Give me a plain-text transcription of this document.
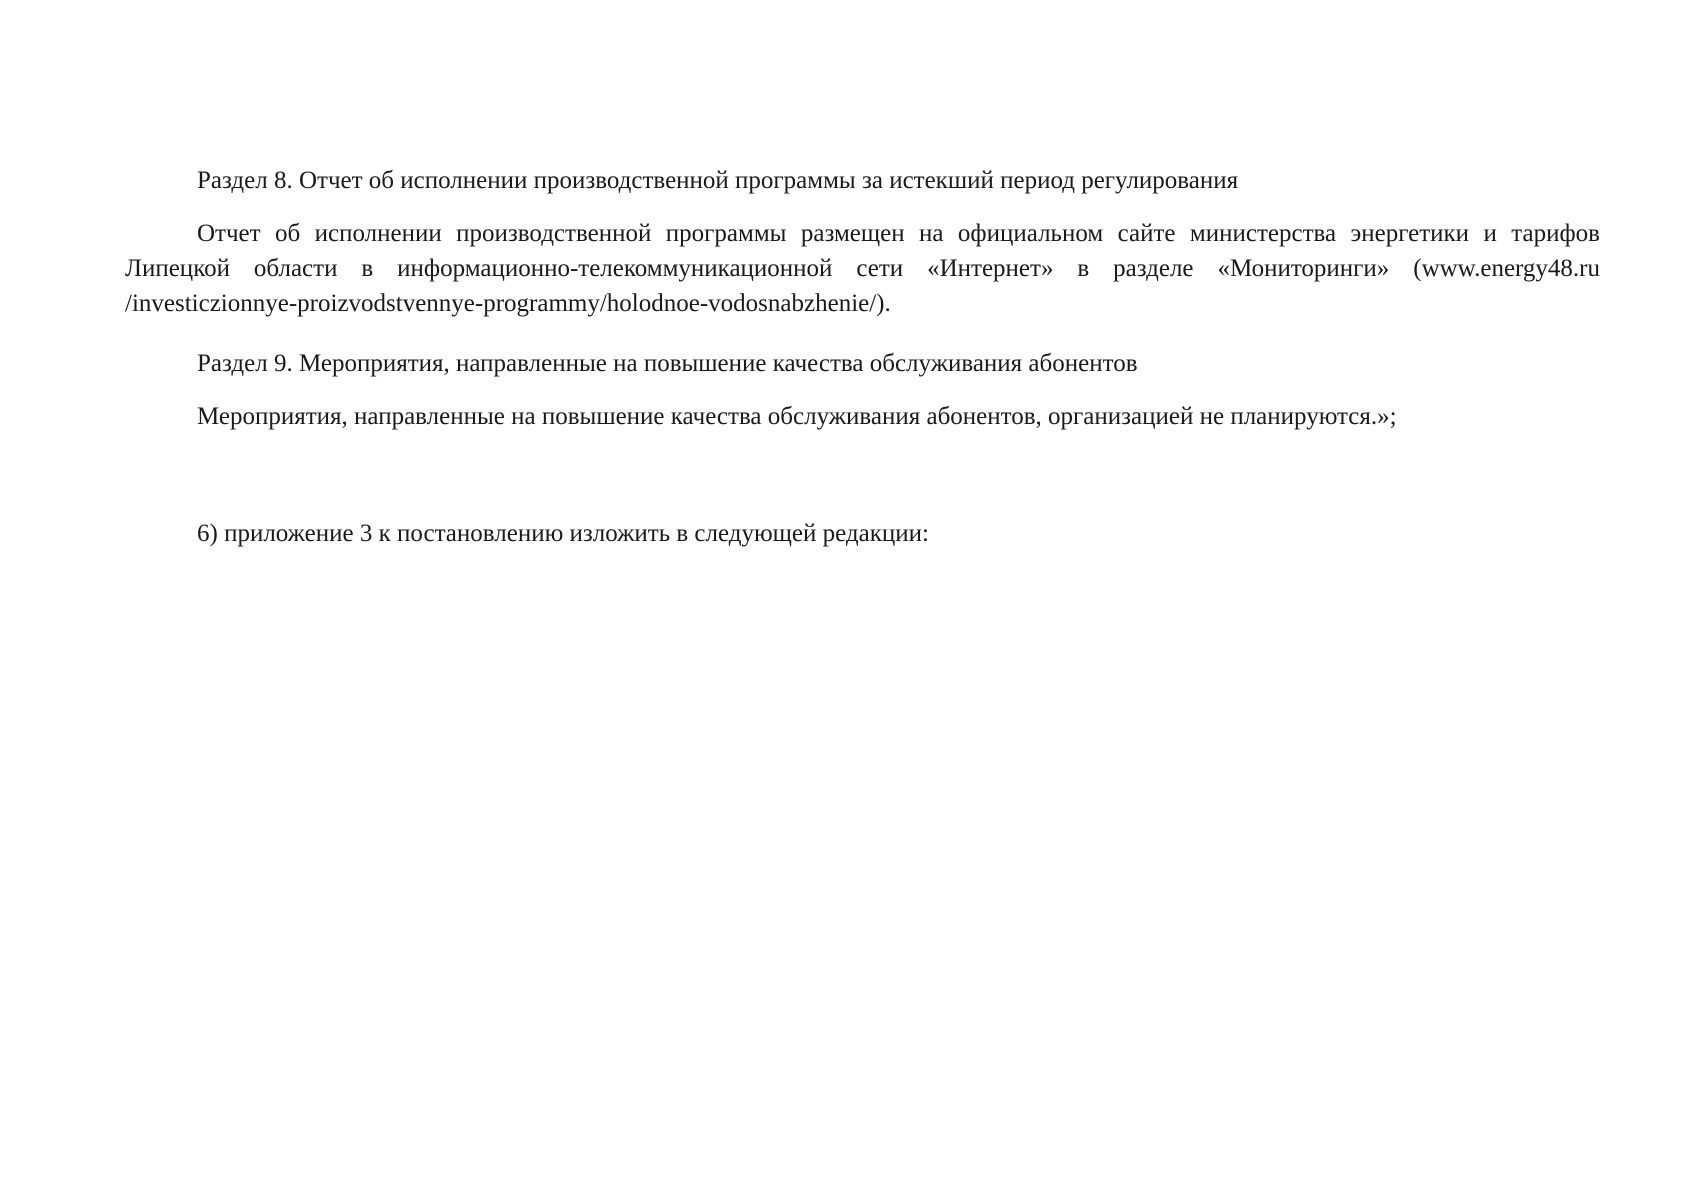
Раздел 8. Отчет об исполнении производственной программы за истекший период регулирования

Отчет об исполнении производственной программы размещен на официальном сайте министерства энергетики и тарифов Липецкой области в информационно-телекоммуникационной сети «Интернет» в разделе «Мониторинги» (www.energy48.ru /investiczionnye-proizvodstvennye-programmy/holodnoe-vodosnabzhenie/).

Раздел 9. Мероприятия, направленные на повышение качества обслуживания абонентов

Мероприятия, направленные на повышение качества обслуживания абонентов, организацией не планируются.»;

6) приложение 3 к постановлению изложить в следующей редакции:
